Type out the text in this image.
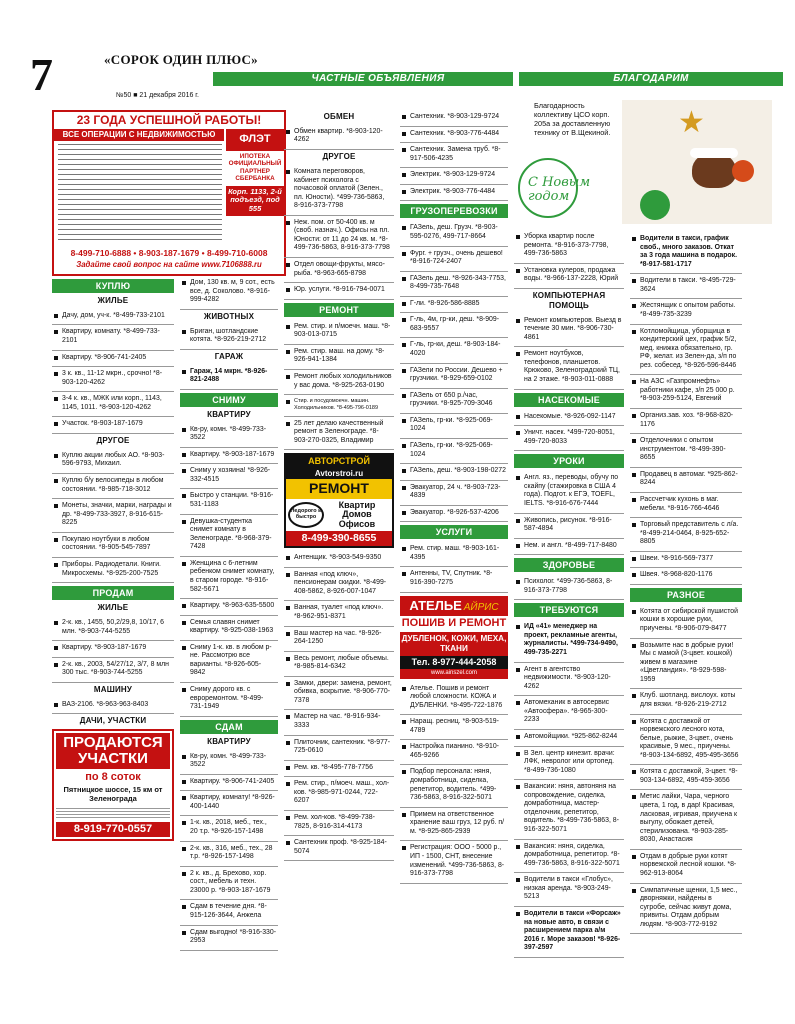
7	«СОРОК ОДИН ПЛЮС»
ЧАСТНЫЕ ОБЪЯВЛЕНИЯ	БЛАГОДАРИМ
№50 ■ 21 декабря 2016 г.
23 ГОДА УСПЕШНОЙ РАБОТЫ!
ВСЕ ОПЕРАЦИИ С НЕДВИЖИМОСТЬЮ	ФЛЭТ
ИПОТЕКА ОФИЦИАЛЬНЫЙ ПАРТНЕР СБЕРБАНКА
Корп. 1133, 2-й подъезд, под 555
8-499-710-6888 • 8-903-187-1679 • 8-499-710-6008
Задайте свой вопрос на сайте www.7106888.ru
КУПЛЮ
ЖИЛЬЕ
Дачу, дом, уч-к. *8-499-733-2101
Квартиру, комнату. *8-499-733-2101
Квартиру. *8-906-741-2405
3 к. кв., 11-12 мкрн., срочно! *8-903-120-4262
3-4 к. кв., МЖК или корп., 1143, 1145, 1011. *8-903-120-4262
Участок. *8-903-187-1679
ДРУГОЕ
Куплю акции любых АО. *8-903-596-9793, Михаил.
Куплю б/у велосипеды в любом состоянии. *8-985-718-3012
Монеты, значки, марки, награды и др. *8-499-733-3927, 8-916-615-8225
Покупаю ноутбуки в любом состоянии. *8-905-545-7897
Приборы. Радиодетали. Книги. Микросхемы. *8-925-200-7525
ПРОДАМ
ЖИЛЬЕ
2-к. кв., 1455, 50,2/29,8, 10/17, 6 млн. *8-903-744-5255
Квартиру. *8-903-187-1679
2-к. кв., 2003, 54/27/12, 3/7, 8 млн 300 тыс. *8-903-744-5255
МАШИНУ
ВАЗ-2106. *8-963-963-8403
ДАЧИ, УЧАСТКИ
ПРОДАЮТСЯ УЧАСТКИ
по 8 соток
Пятницкое шоссе, 15 км от Зеленограда
8-919-770-0557
Дом, 130 кв. м, 9 сот., есть все, д. Соколово. *8-916-999-4282
ЖИВОТНЫХ
Бриган, шотландские котята. *8-926-219-2712
ГАРАЖ
Гараж, 14 мкрн. *8-926-821-2488
СНИМУ
КВАРТИРУ
Кв-ру, комн. *8-499-733-3522
Квартиру. *8-903-187-1679
Сниму у хозяина! *8-926-332-4515
Быстро у станции. *8-916-531-1183
Девушка-студентка снимет комнату в Зеленограде. *8-968-379-7428
Женщина с 6-летним ребенком снимет комнату, в старом городе. *8-916-582-5671
Квартиру. *8-963-635-5500
Семья славян снимет квартиру. *8-925-038-1963
Сниму 1-к. кв. в любом р-не. Рассмотрю все варианты. *8-926-605-9842
Сниму дорого кв. с евроремонтом. *8-499-731-1949
СДАМ
КВАРТИРУ
Кв-ру, комн. *8-499-733-3522
Квартиру. *8-906-741-2405
Квартиру, комнату! *8-926-400-1440
1-к. кв., 2018, меб., тех., 20 т.р. *8-926-157-1498
2-к. кв., 316, меб., тех., 28 т.р. *8-926-157-1498
2 к. кв., д. Брехово, хор. сост., мебель и техн. 23000 р. *8-903-187-1679
Сдам в течение дня. *8-915-126-3644, Анжела
Сдам выгодно! *8-916-330-2953
ОБМЕН
Обмен квартир. *8-903-120-4262
ДРУГОЕ
Комната переговоров, кабинет психолога с почасовой оплатой (Зелен., пл. Юности). *499-736-5863, 8-916-373-7798
Неж. пом. от 50-400 кв. м (своб. назнач.). Офисы на пл. Юности: от 11 до 24 кв. м. *8-499-736-5863, 8-916-373-7798
Отдел овощи-фрукты, мясо-рыба. *8-963-665-8798
Юр. услуги. *8-916-794-0071
РЕМОНТ
Рем. стир. и п/моечн. маш. *8-903-013-0715
Рем. стир. маш. на дому. *8-926-941-1384
Ремонт любых холодильников у вас дома. *8-925-263-0190
Стир. и посудомоечн. машин. Холодильников. *8-495-796-0189
25 лет делаю качественный ремонт в Зеленограде. *8-903-270-0325, Владимир
АВТОРСТРОЙ
Avtorstroi.ru
РЕМОНТ
Недорого и быстро
Квартир Домов Офисов
8-499-390-8655
Антенщик. *8-903-549-9350
Ванная «под ключ», пенсионерам скидки. *8-499-408-5862, 8-926-007-1047
Ванная, туалет «под ключ». *8-962-951-8371
Ваш мастер на час. *8-926-264-1250
Весь ремонт, любые объемы. *8-985-814-6342
Замки, двери: замена, ремонт, обивка, вскрытие. *8-906-770-7378
Мастер на час. *8-916-934-3333
Плиточник, сантехник. *8-977-725-0610
Рем. кв. *8-495-778-7756
Рем. стир., п/моеч. маш., хол-ков. *8-985-971-0244, 722-6207
Рем. хол-ков. *8-499-738-7825, 8-916-314-4173
Сантехник проф. *8-925-184-5074
Сантехник. *8-903-129-9724
Сантехник. *8-903-776-4484
Сантехник. Замена труб. *8-917-506-4235
Электрик. *8-903-129-9724
Электрик. *8-903-776-4484
ГРУЗОПЕРЕВОЗКИ
ГАЗель, деш. Грузч. *8-903-595-0276, 499-717-8664
Фург. + грузч., очень дешево! *8-916-724-2407
ГАЗель деш. *8-926-343-7753, 8-499-735-7648
Г-ли. *8-926-586-8885
Г-ль, 4м, гр-ки, деш. *8-909-683-9557
Г-ль, гр-ки, деш. *8-903-184-4020
ГАЗели по России. Дешево + грузчики. *8-929-659-0102
ГАЗель от 650 р./час, грузчики. *8-925-709-3046
ГАЗель, гр-ки. *8-925-069-1024
ГАЗель, гр-ки. *8-925-069-1024
ГАЗель, деш. *8-903-198-0272
Эвакуатор, 24 ч. *8-903-723-4839
Эвакуатор. *8-926-537-4206
УСЛУГИ
Рем. стир. маш. *8-903-161-4395
Антенны, TV, Спутник. *8-916-390-7275
АТЕЛЬЕ АЙРИС
ПОШИВ И РЕМОНТ
ДУБЛЕНОК, КОЖИ, МЕХА, ТКАНИ
Тел. 8-977-444-2058
www.ainszel.com
Ателье. Пошив и ремонт любой сложности. КОЖА и ДУБЛЕНКИ. *8-495-722-1876
Наращ. ресниц. *8-903-519-4789
Настройка пианино. *8-910-465-9266
Подбор персонала: няня, домработница, сиделка, репетитор, водитель. *499-736-5863, 8-916-322-5071
Примем на ответственное хранение ваш груз, 12 руб. п/м. *8-925-865-2939
Регистрация: ООО - 5000 р., ИП - 1500, СНТ, внесение изменений. *499-736-5863, 8-916-373-7798
Благодарность коллективу ЦСО корп. 205а за доставленную технику от В.Щекиной.
С Новым годом
★
Уборка квартир после ремонта. *8-916-373-7798, 499-736-5863
Установка кулеров, продажа воды. *8-966-137-2228, Юрий
КОМПЬЮТЕРНАЯ ПОМОЩЬ
Ремонт компьютеров. Выезд в течение 30 мин. *8-906-730-4861
Ремонт ноутбуков, телефонов, планшетов. Крюково, Зеленоградский ТЦ, на 2 этаже. *8-903-011-0888
НАСЕКОМЫЕ
Насекомые. *8-926-092-1147
Уничт. насек. *499-720-8051, 499-720-8033
УРОКИ
Англ. яз., переводы, обучу по скайпу (стажировка в США 4 года). Подгот. к ЕГЭ, TOEFL, IELTS. *8-916-676-7444
Живопись, рисунок. *8-916-587-4894
Нем. и англ. *8-499-717-8480
ЗДОРОВЬЕ
Психолог. *499-736-5863, 8-916-373-7798
ТРЕБУЮТСЯ
ИД «41» менеджер на проект, рекламные агенты, журналисты. *499-734-9490, 499-735-2271
Агент в агентство недвижимости. *8-903-120-4262
Автомеханик в автосервис «Автосфера». *8-965-300-2233
Автомойщики. *925-862-8244
В Зел. центр кинезит. врачи: ЛФК, невролог или ортопед. *8-499-736-1080
Вакансии: няня, автоняня на сопровождение, сиделка, домработница, мастер-отделочник, репетитор, водитель. *8-499-736-5863, 8-916-322-5071
Вакансия: няня, сиделка, домработница, репетитор. *8-499-736-5863, 8-916-322-5071
Водители в такси «Глобус», низкая аренда. *8-903-249-5213
Водители в такси «Форсаж» на новые авто, в связи с расширением парка а/м 2016 г. Море заказов! *8-926-397-2597
Водители в такси, график своб., много заказов. Откат за 3 года машина в подарок. *8-917-581-1717
Водители в такси. *8-495-729-3624
Жестянщик с опытом работы. *8-499-735-3239
Котломойщица, уборщица в кондитерский цех, график 5/2, мед. книжка обязательно, гр. РФ, желат. из Зелен-да, з/п по рез. собесед. *8-926-596-8446
На АЗС «Газпромнефть» работники кафе, з/п 25 000 р. *8-903-259-5124, Евгений
Организ.зав. хоз. *8-968-820-1176
Отделочники с опытом инструментом. *8-499-390-8655
Продавец в автомаг. *925-862-8244
Рассчетчик кухонь в маг. мебели. *8-916-766-4646
Торговый представитель с л/а. *8-499-214-0464, 8-925-652-8805
Швеи. *8-916-569-7377
Швея. *8-968-820-1176
РАЗНОЕ
Котята от сибирской пушистой кошки в хорошие руки, приучены. *8-906-079-8477
Возьмите нас в добрые руки! Мы с мамой (3-цвет. кошкой) живем в магазине «Цветландия». *8-929-598-1959
Клуб. шотланд. вислоух. коты для вязки. *8-926-219-2712
Котята с доставкой от норвежского лесного кота, белые, рыжие, 3-цвет., очень красивые, 9 мес., приучены. *8-903-134-6892, 495-495-3656
Котята с доставкой, 3-цвет. *8-903-134-6892, 495-459-3656
Метис лайки, Чара, черного цвета, 1 год, в дар! Красивая, ласковая, игривая, приучена к выгулу, обожает детей, стерилизована. *8-903-285-8030, Анастасия
Отдам в добрые руки котят норвежской лесной кошки. *8-962-913-8064
Симпатичные щенки, 1,5 мес., дворняжки, найдены в сугробе, сейчас живут дома, привиты. Отдам добрым людям. *8-903-772-9192
